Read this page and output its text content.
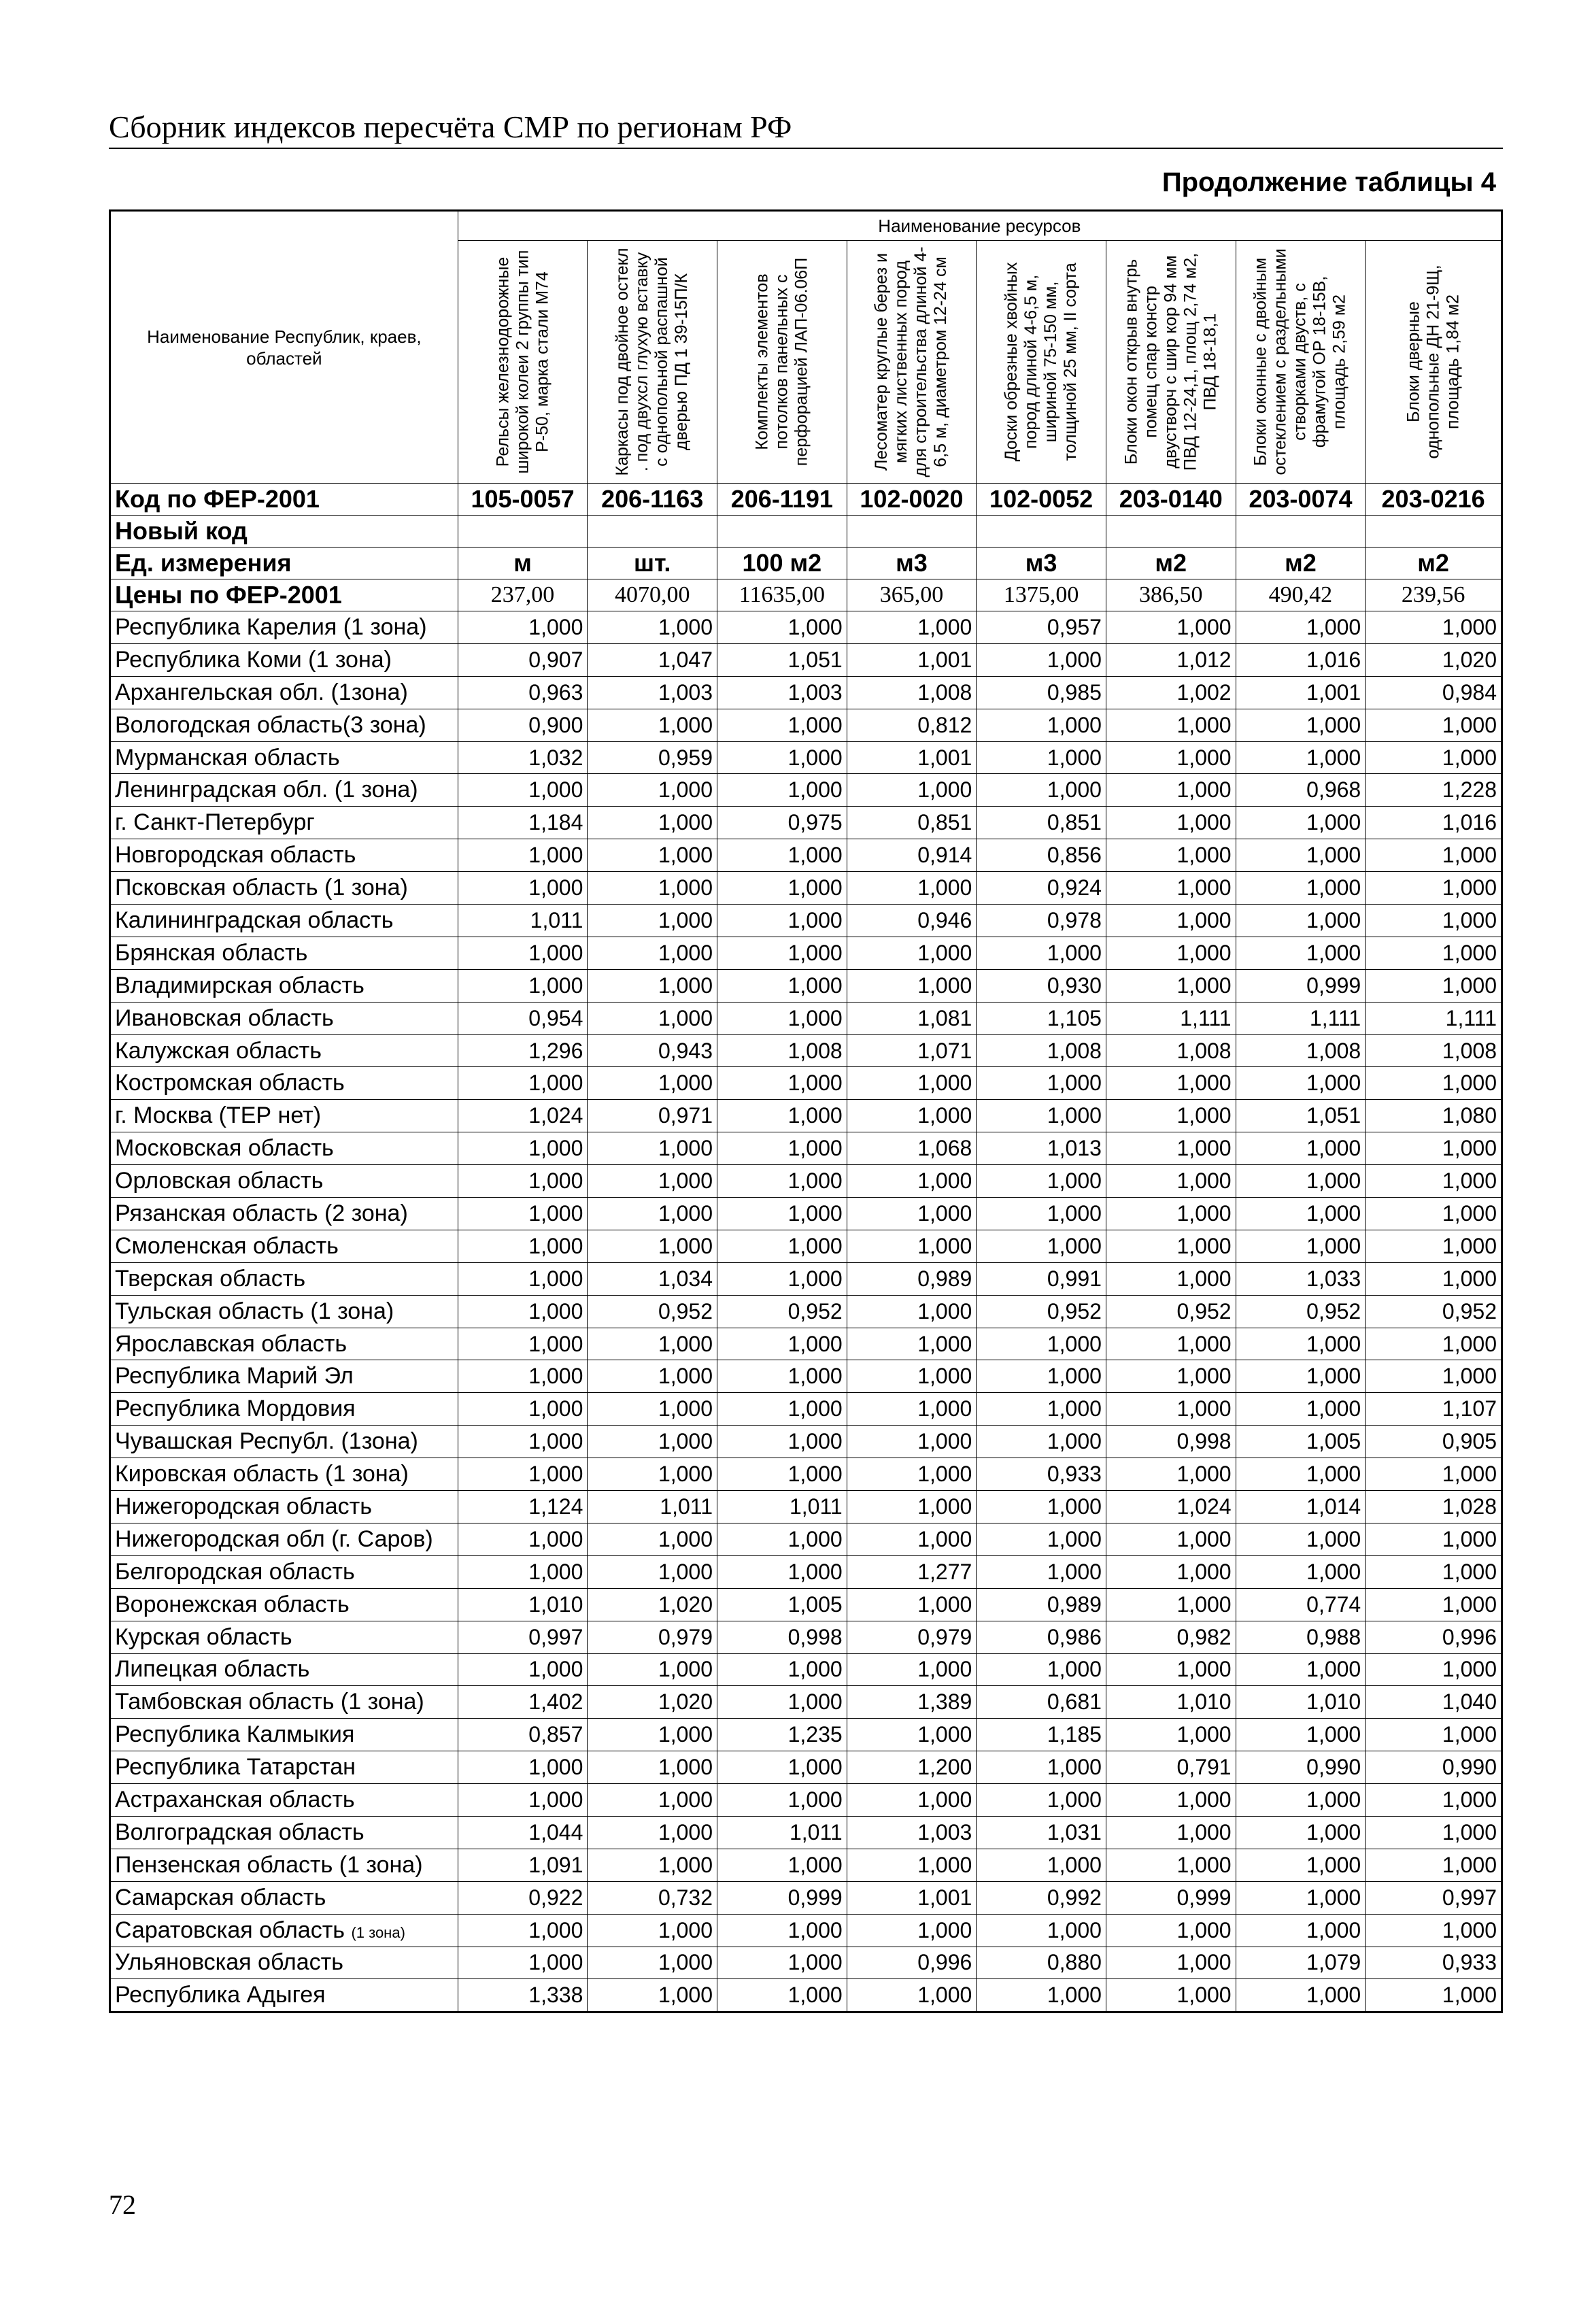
Сборник индексов пересчёта СМР по регионам РФ
Продолжение таблицы 4
Наименование Республик, краев, областей	Наименование ресурсов							

	Рельсы железнодорожные широкой колеи 2 группы тип Р-50, марка стали М74	Каркасы под двойное остекл . под двухсл глухую вставку с однопольной распашной дверью ПД 1 39-15П/К	Комплекты элементов потолков панельных с перфорацией ЛАП-06.06П	Лесоматер круглые берез и мягких лиственных пород для строительства длиной 4-6,5 м, диаметром 12-24 см	Доски обрезные хвойных пород длиной 4-6,5 м, шириной 75-150 мм, толщиной 25 мм, II сорта	Блоки окон открыв внутрь помещ спар констр двустворч с шир кор 94 мм ПВД 12-24,1, площ 2,74 м2, ПВД 18-18,1	Блоки оконные с двойным остеклением с раздельными створками двуств, с фрамугой ОР 18-15В, площадь 2,59 м2	Блоки дверные однопольные ДН 21-9Щ, площадь 1,84 м2

Код по ФЕР-2001	105-0057	206-1163	206-1191	102-0020	102-0052	203-0140	203-0074	203-0216
Новый код								
Ед. измерения	м	шт.	100 м2	м3	м3	м2	м2	м2
Цены по ФЕР-2001	237,00	4070,00	11635,00	365,00	1375,00	386,50	490,42	239,56
Республика Карелия (1 зона)	1,000	1,000	1,000	1,000	0,957	1,000	1,000	1,000
Республика Коми (1 зона)	0,907	1,047	1,051	1,001	1,000	1,012	1,016	1,020
Архангельская обл. (1зона)	0,963	1,003	1,003	1,008	0,985	1,002	1,001	0,984
Вологодская область(3 зона)	0,900	1,000	1,000	0,812	1,000	1,000	1,000	1,000
Мурманская область	1,032	0,959	1,000	1,001	1,000	1,000	1,000	1,000
Ленинградская обл. (1 зона)	1,000	1,000	1,000	1,000	1,000	1,000	0,968	1,228
г. Санкт-Петербург	1,184	1,000	0,975	0,851	0,851	1,000	1,000	1,016
Новгородская область	1,000	1,000	1,000	0,914	0,856	1,000	1,000	1,000
Псковская область (1 зона)	1,000	1,000	1,000	1,000	0,924	1,000	1,000	1,000
Калининградская область	1,011	1,000	1,000	0,946	0,978	1,000	1,000	1,000
Брянская область	1,000	1,000	1,000	1,000	1,000	1,000	1,000	1,000
Владимирская область	1,000	1,000	1,000	1,000	0,930	1,000	0,999	1,000
Ивановская область	0,954	1,000	1,000	1,081	1,105	1,111	1,111	1,111
Калужская область	1,296	0,943	1,008	1,071	1,008	1,008	1,008	1,008
Костромская область	1,000	1,000	1,000	1,000	1,000	1,000	1,000	1,000
г. Москва (ТЕР нет)	1,024	0,971	1,000	1,000	1,000	1,000	1,051	1,080
Московская область	1,000	1,000	1,000	1,068	1,013	1,000	1,000	1,000
Орловская область	1,000	1,000	1,000	1,000	1,000	1,000	1,000	1,000
Рязанская область (2 зона)	1,000	1,000	1,000	1,000	1,000	1,000	1,000	1,000
Смоленская область	1,000	1,000	1,000	1,000	1,000	1,000	1,000	1,000
Тверская область	1,000	1,034	1,000	0,989	0,991	1,000	1,033	1,000
Тульская область (1 зона)	1,000	0,952	0,952	1,000	0,952	0,952	0,952	0,952
Ярославская область	1,000	1,000	1,000	1,000	1,000	1,000	1,000	1,000
Республика Марий Эл	1,000	1,000	1,000	1,000	1,000	1,000	1,000	1,000
Республика Мордовия	1,000	1,000	1,000	1,000	1,000	1,000	1,000	1,107
Чувашская Республ. (1зона)	1,000	1,000	1,000	1,000	1,000	0,998	1,005	0,905
Кировская область (1 зона)	1,000	1,000	1,000	1,000	0,933	1,000	1,000	1,000
Нижегородская область	1,124	1,011	1,011	1,000	1,000	1,024	1,014	1,028
Нижегородская обл (г. Саров)	1,000	1,000	1,000	1,000	1,000	1,000	1,000	1,000
Белгородская область	1,000	1,000	1,000	1,277	1,000	1,000	1,000	1,000
Воронежская область	1,010	1,020	1,005	1,000	0,989	1,000	0,774	1,000
Курская область	0,997	0,979	0,998	0,979	0,986	0,982	0,988	0,996
Липецкая область	1,000	1,000	1,000	1,000	1,000	1,000	1,000	1,000
Тамбовская область (1 зона)	1,402	1,020	1,000	1,389	0,681	1,010	1,010	1,040
Республика Калмыкия	0,857	1,000	1,235	1,000	1,185	1,000	1,000	1,000
Республика Татарстан	1,000	1,000	1,000	1,200	1,000	0,791	0,990	0,990
Астраханская область	1,000	1,000	1,000	1,000	1,000	1,000	1,000	1,000
Волгоградская область	1,044	1,000	1,011	1,003	1,031	1,000	1,000	1,000
Пензенская область (1 зона)	1,091	1,000	1,000	1,000	1,000	1,000	1,000	1,000
Самарская область	0,922	0,732	0,999	1,001	0,992	0,999	1,000	0,997
Саратовская область (1 зона)	1,000	1,000	1,000	1,000	1,000	1,000	1,000	1,000
Ульяновская область	1,000	1,000	1,000	0,996	0,880	1,000	1,079	0,933
Республика Адыгея	1,338	1,000	1,000	1,000	1,000	1,000	1,000	1,000
72
